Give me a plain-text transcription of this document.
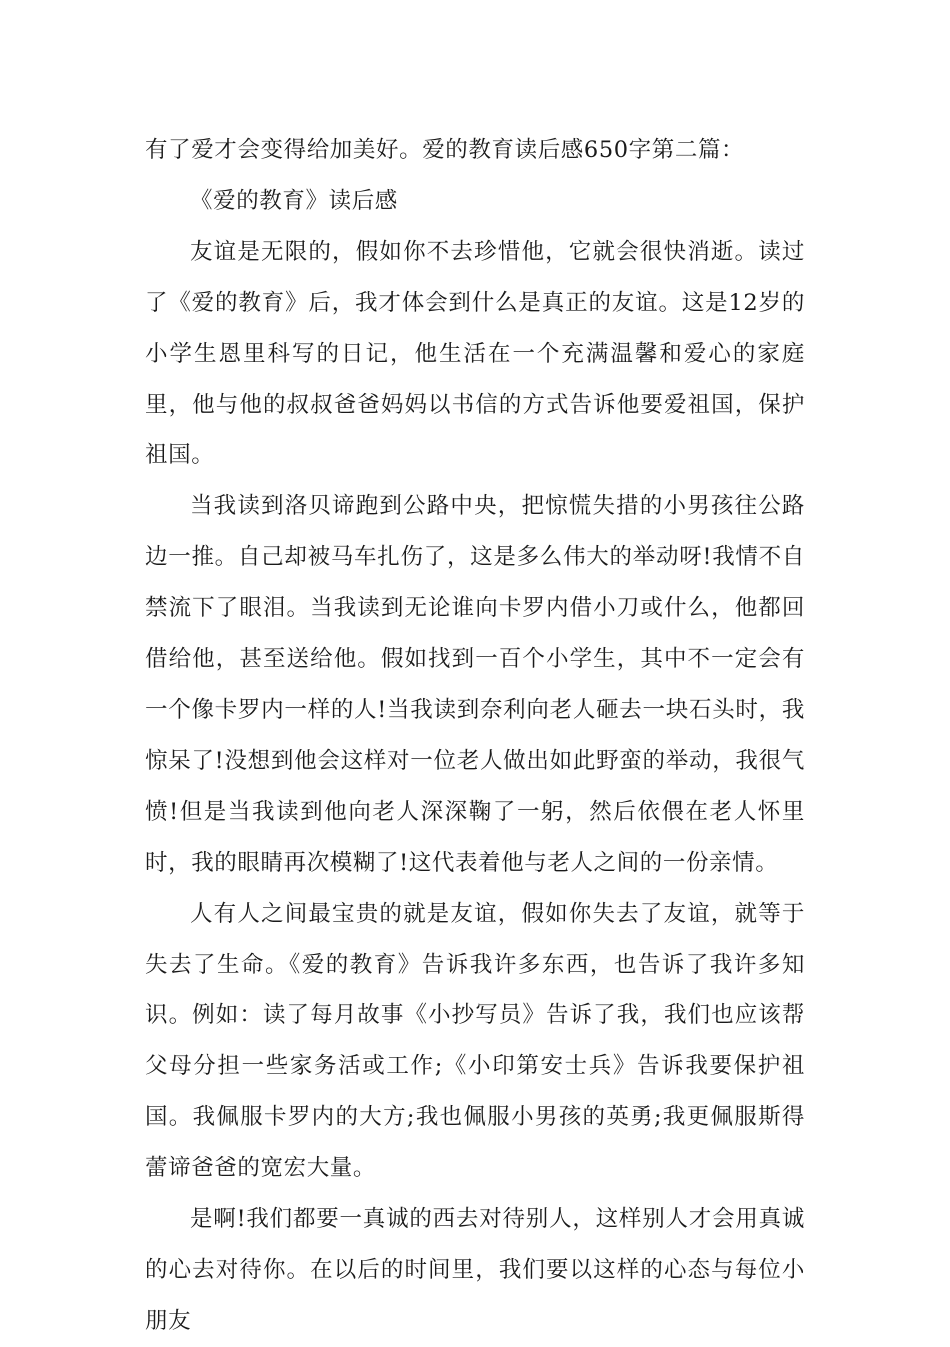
有了爱才会变得给加美好。爱的教育读后感650字第二篇：

《爱的教育》读后感

友谊是无限的，假如你不去珍惜他，它就会很快消逝。读过了《爱的教育》后，我才体会到什么是真正的友谊。这是12岁的小学生恩里科写的日记，他生活在一个充满温馨和爱心的家庭里，他与他的叔叔爸爸妈妈以书信的方式告诉他要爱祖国，保护祖国。

当我读到洛贝谛跑到公路中央，把惊慌失措的小男孩往公路边一推。自己却被马车扎伤了，这是多么伟大的举动呀!我情不自禁流下了眼泪。当我读到无论谁向卡罗内借小刀或什么，他都回借给他，甚至送给他。假如找到一百个小学生，其中不一定会有一个像卡罗内一样的人!当我读到奈利向老人砸去一块石头时，我惊呆了!没想到他会这样对一位老人做出如此野蛮的举动，我很气愤!但是当我读到他向老人深深鞠了一躬，然后依偎在老人怀里时，我的眼睛再次模糊了!这代表着他与老人之间的一份亲情。

人有人之间最宝贵的就是友谊，假如你失去了友谊，就等于失去了生命。《爱的教育》告诉我许多东西，也告诉了我许多知识。例如：读了每月故事《小抄写员》告诉了我，我们也应该帮父母分担一些家务活或工作;《小印第安士兵》告诉我要保护祖国。我佩服卡罗内的大方;我也佩服小男孩的英勇;我更佩服斯得蕾谛爸爸的宽宏大量。

是啊!我们都要一真诚的西去对待别人，这样别人才会用真诚的心去对待你。在以后的时间里，我们要以这样的心态与每位小朋友
